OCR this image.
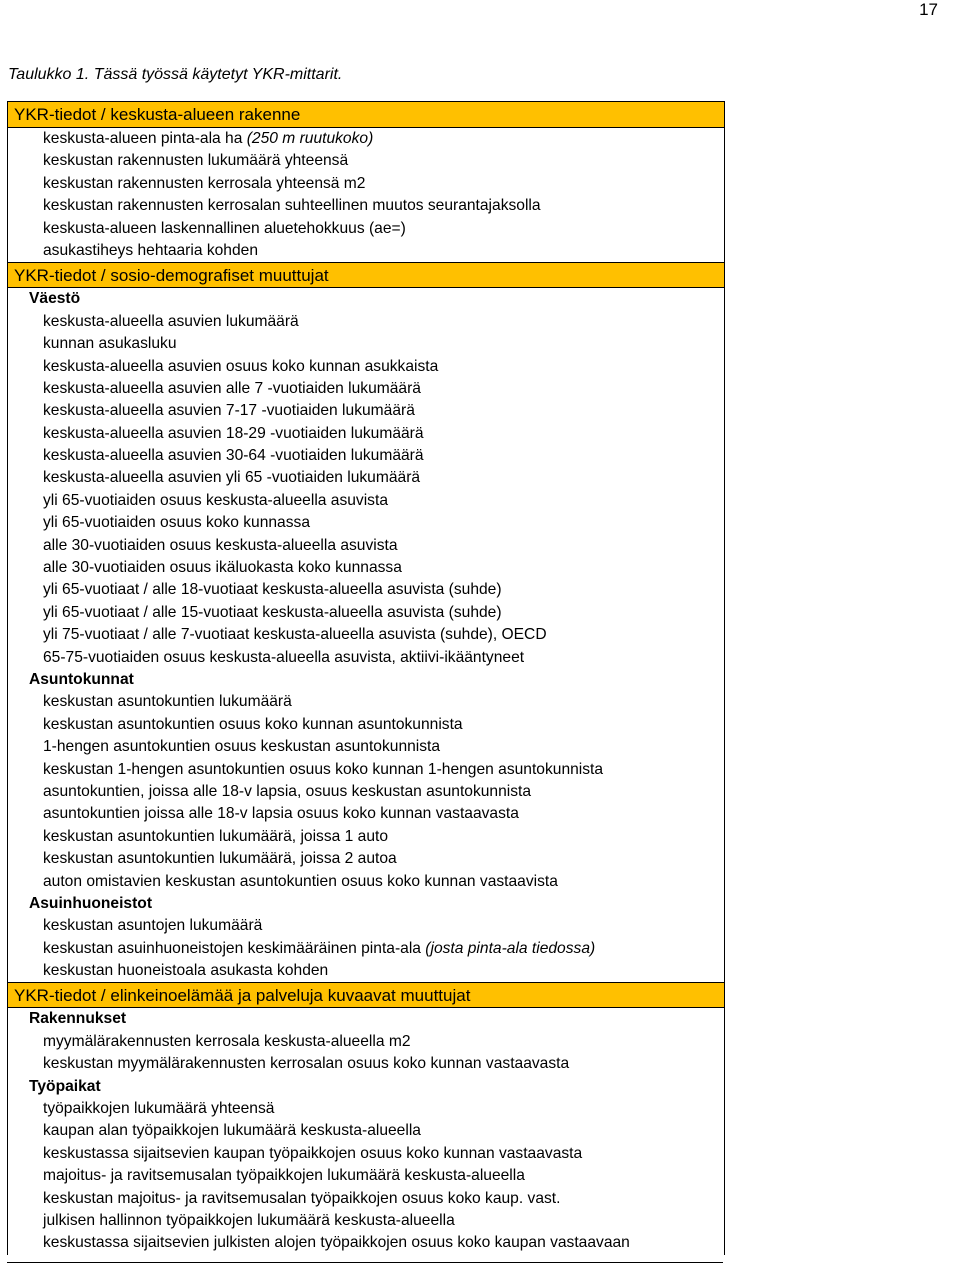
17
Taulukko 1. Tässä työssä käytetyt YKR-mittarit.
YKR-tiedot / keskusta-alueen rakenne
keskusta-alueen pinta-ala ha (250 m ruutukoko)
keskustan rakennusten lukumäärä yhteensä
keskustan rakennusten kerrosala yhteensä m2
keskustan rakennusten kerrosalan suhteellinen muutos seurantajaksolla
keskusta-alueen laskennallinen aluetehokkuus (ae=)
asukastiheys hehtaaria kohden
YKR-tiedot / sosio-demografiset muuttujat
Väestö
keskusta-alueella asuvien lukumäärä
kunnan asukasluku
keskusta-alueella asuvien osuus koko kunnan asukkaista
keskusta-alueella asuvien alle 7 -vuotiaiden lukumäärä
keskusta-alueella asuvien 7-17 -vuotiaiden lukumäärä
keskusta-alueella asuvien 18-29 -vuotiaiden lukumäärä
keskusta-alueella asuvien 30-64 -vuotiaiden lukumäärä
keskusta-alueella asuvien yli 65 -vuotiaiden lukumäärä
yli 65-vuotiaiden osuus keskusta-alueella asuvista
yli 65-vuotiaiden osuus koko kunnassa
alle 30-vuotiaiden osuus keskusta-alueella asuvista
alle 30-vuotiaiden osuus ikäluokasta koko kunnassa
yli 65-vuotiaat / alle 18-vuotiaat keskusta-alueella asuvista (suhde)
yli 65-vuotiaat / alle 15-vuotiaat keskusta-alueella asuvista (suhde)
yli 75-vuotiaat / alle 7-vuotiaat keskusta-alueella asuvista (suhde), OECD
65-75-vuotiaiden osuus keskusta-alueella asuvista, aktiivi-ikääntyneet
Asuntokunnat
keskustan asuntokuntien lukumäärä
keskustan asuntokuntien osuus koko kunnan asuntokunnista
1-hengen asuntokuntien osuus keskustan asuntokunnista
keskustan 1-hengen asuntokuntien osuus koko kunnan 1-hengen asuntokunnista
asuntokuntien, joissa alle 18-v lapsia, osuus keskustan asuntokunnista
asuntokuntien joissa alle 18-v lapsia osuus koko kunnan vastaavasta
keskustan asuntokuntien lukumäärä, joissa 1 auto
keskustan asuntokuntien lukumäärä, joissa 2 autoa
auton omistavien keskustan asuntokuntien osuus koko kunnan vastaavista
Asuinhuoneistot
keskustan asuntojen lukumäärä
keskustan asuinhuoneistojen keskimääräinen pinta-ala (josta pinta-ala tiedossa)
keskustan huoneistoala asukasta kohden
YKR-tiedot / elinkeinoelämää ja palveluja kuvaavat muuttujat
Rakennukset
myymälärakennusten kerrosala keskusta-alueella m2
keskustan myymälärakennusten kerrosalan osuus koko kunnan vastaavasta
Työpaikat
työpaikkojen lukumäärä yhteensä
kaupan alan työpaikkojen lukumäärä keskusta-alueella
keskustassa sijaitsevien kaupan työpaikkojen osuus koko kunnan vastaavasta
majoitus- ja ravitsemusalan työpaikkojen lukumäärä keskusta-alueella
keskustan majoitus- ja ravitsemusalan työpaikkojen osuus koko kaup. vast.
julkisen hallinnon työpaikkojen lukumäärä keskusta-alueella
keskustassa sijaitsevien julkisten alojen työpaikkojen osuus koko kaupan vastaavaan
